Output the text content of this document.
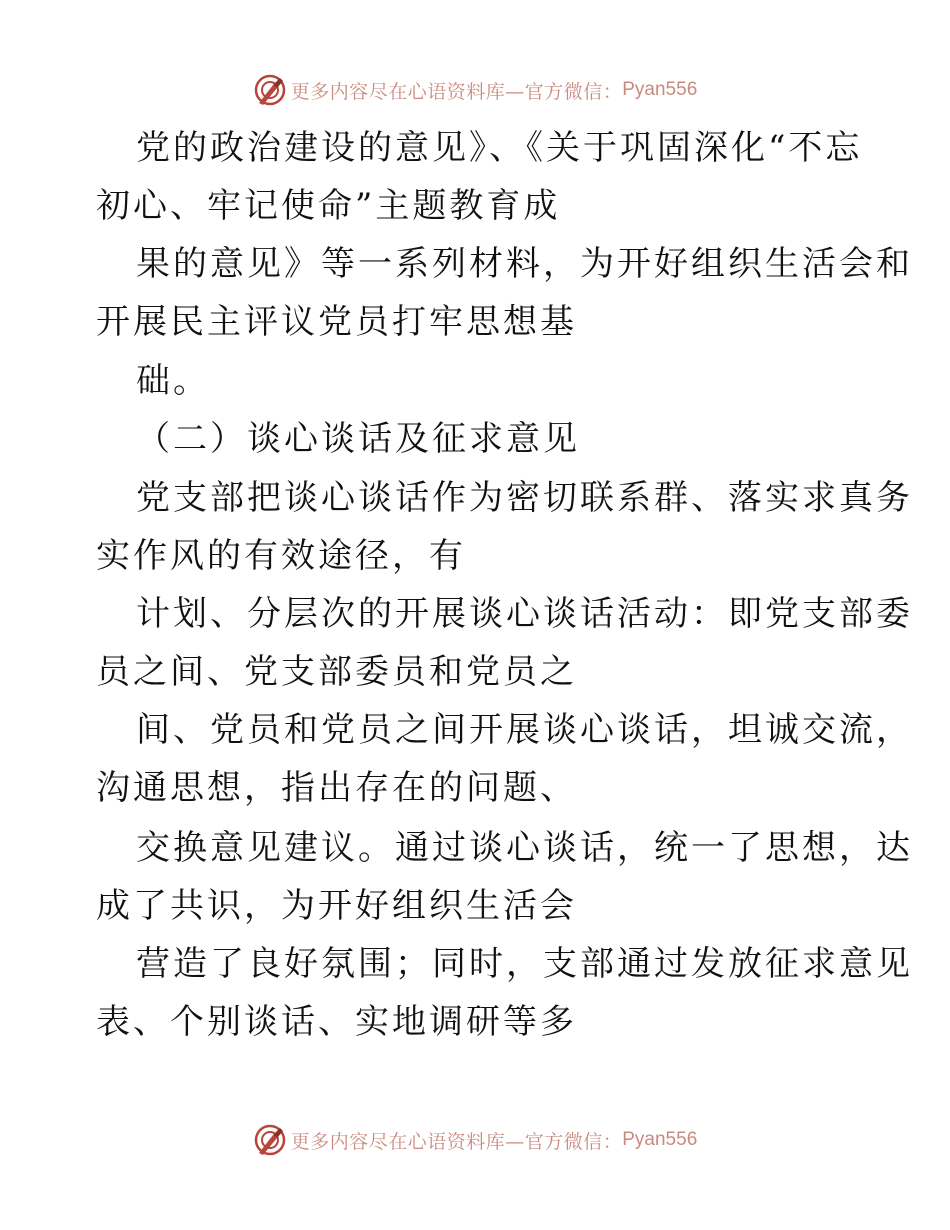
更多内容尽在心语资料库—官方微信： Pyan556
党的政治建设的意见》、《关于巩固深化“不忘
初心、牢记使命”主题教育成
果的意见》等一系列材料，为开好组织生活会和
开展民主评议党员打牢思想基
础。
（二）谈心谈话及征求意见
党支部把谈心谈话作为密切联系群、落实求真务
实作风的有效途径，有
计划、分层次的开展谈心谈话活动：即党支部委
员之间、党支部委员和党员之
间、党员和党员之间开展谈心谈话，坦诚交流，
沟通思想，指出存在的问题、
交换意见建议。通过谈心谈话，统一了思想，达
成了共识，为开好组织生活会
营造了良好氛围；同时，支部通过发放征求意见
表、个别谈话、实地调研等多
更多内容尽在心语资料库—官方微信： Pyan556
